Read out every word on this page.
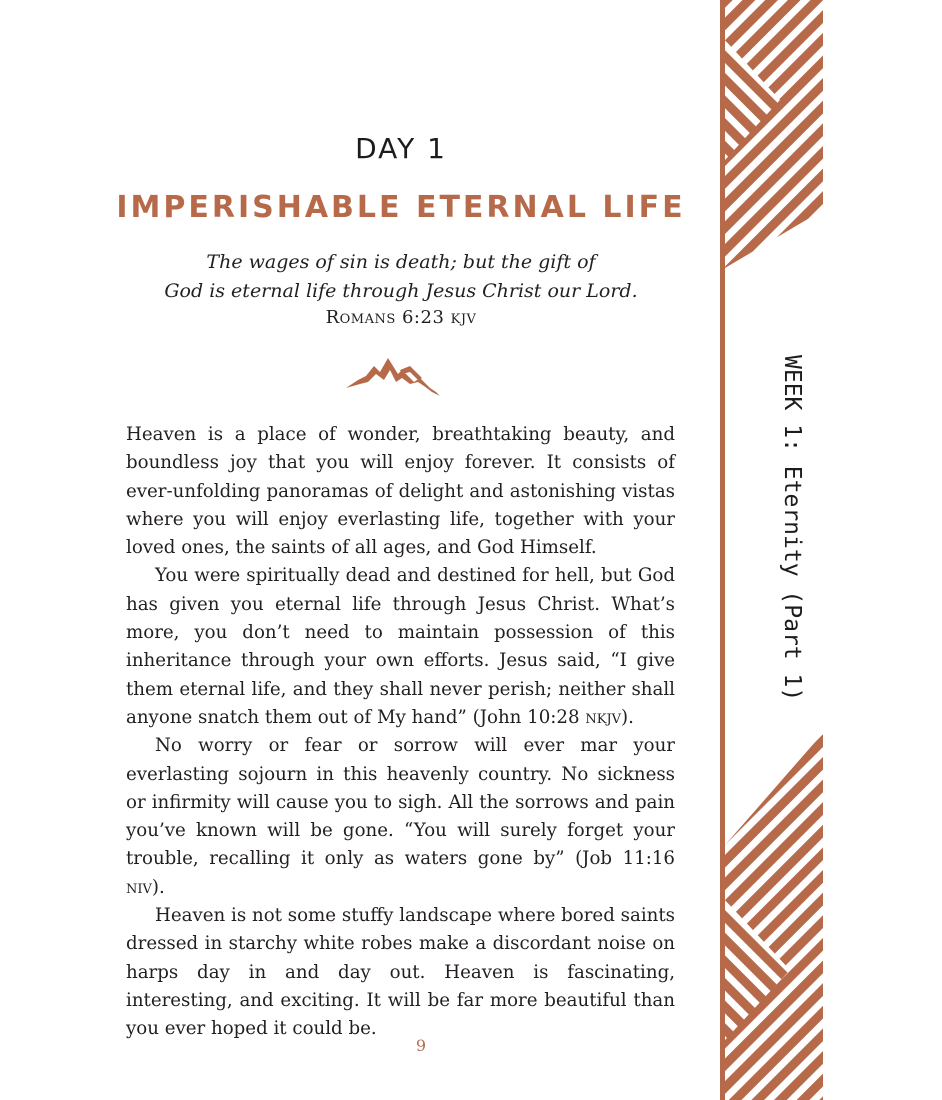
DAY 1
IMPERISHABLE ETERNAL LIFE
The wages of sin is death; but the gift of
God is eternal life through Jesus Christ our Lord.
Romans 6:23 kjv

Heaven is a place of wonder, breathtaking beauty, and boundless joy that you will enjoy forever. It consists of ever-unfolding panoramas of delight and astonishing vistas where you will enjoy everlasting life, together with your loved ones, the saints of all ages, and God Himself.

You were spiritually dead and destined for hell, but God has given you eternal life through Jesus Christ. What’s more, you don’t need to maintain possession of this inheritance through your own efforts. Jesus said, “I give them eternal life, and they shall never perish; neither shall anyone snatch them out of My hand” (John 10:28 nkjv).

No worry or fear or sorrow will ever mar your everlasting sojourn in this heavenly country. No sickness or infirmity will cause you to sigh. All the sorrows and pain you’ve known will be gone. “You will surely forget your trouble, recalling it only as waters gone by” (Job 11:16 niv).

Heaven is not some stuffy landscape where bored saints dressed in starchy white robes make a discordant noise on harps day in and day out. Heaven is fascinating, interesting, and exciting. It will be far more beautiful than you ever hoped it could be.

9
WEEK 1: Eternity (Part 1)
